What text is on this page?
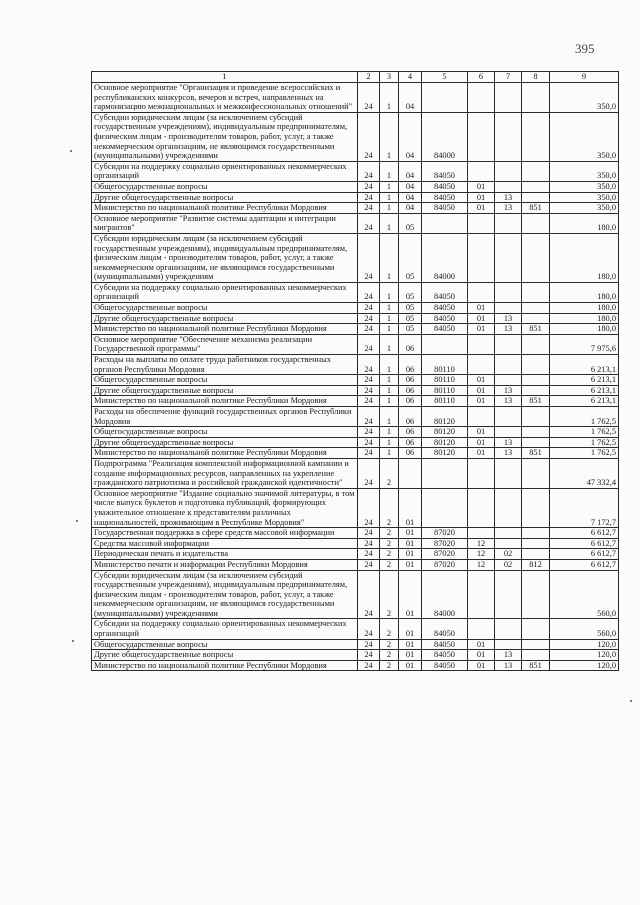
395
1	2	3	4	5	6	7	8	9
Основное мероприятие "Организация и проведение всероссийских и республиканских конкурсов, вечеров и встреч, направленных на гармонизацию межнациональных и межконфессиональных отношений"	24	1	04					350,0
Субсидии юридическим лицам (за исключением субсидий государственным учреждениям), индивидуальным предпринимателям, физическим лицам - производителям товаров, работ, услуг, а также некоммерческим организациям, не являющимся государственными (муниципальными) учреждениями	24	1	04	84000				350,0
Субсидии на поддержку социально ориентированных некоммерческих организаций	24	1	04	84050				350,0
Общегосударственные вопросы	24	1	04	84050	01			350,0
Другие общегосударственные вопросы	24	1	04	84050	01	13		350,0
Министерство по национальной политике Республики Мордовия	24	1	04	84050	01	13	851	350,0
Основное мероприятие "Развитие системы адаптации и интеграции мигрантов"	24	1	05					180,0
Субсидии юридическим лицам (за исключением субсидий государственным учреждениям), индивидуальным предпринимателям, физическим лицам - производителям товаров, работ, услуг, а также некоммерческим организациям, не являющимся государственными (муниципальными) учреждениям	24	1	05	84000				180,0
Субсидии на поддержку социально ориентированных некоммерческих организаций	24	1	05	84050				180,0
Общегосударственные вопросы	24	1	05	84050	01			180,0
Другие общегосударственные вопросы	24	1	05	84050	01	13		180,0
Министерство по национальной политике Республики Мордовия	24	1	05	84050	01	13	851	180,0
Основное мероприятие "Обеспечение механизма реализации Государственной программы"	24	1	06					7 975,6
Расходы на выплаты по оплате труда работников государственных органов Республики Мордовия	24	1	06	80110				6 213,1
Общегосударственные вопросы	24	1	06	80110	01			6 213,1
Другие общегосударственные вопросы	24	1	06	80110	01	13		6 213,1
Министерство по национальной политике Республики Мордовия	24	1	06	80110	01	13	851	6 213,1
Расходы на обеспечение функций государственных органов Республики Мордовия	24	1	06	80120				1 762,5
Общегосударственные вопросы	24	1	06	80120	01			1 762,5
Другие общегосударственные вопросы	24	1	06	80120	01	13		1 762,5
Министерство по национальной политике Республики Мордовия	24	1	06	80120	01	13	851	1 762,5
Подпрограмма "Реализация комплексной информационной кампании и создание информационных ресурсов, направленных на укрепление гражданского патриотизма и российской гражданской идентичности"	24	2						47 332,4
Основное мероприятие "Издание социально значимой литературы, в том числе выпуск буклетов и подготовка публикаций, формирующих уважительное отношение к представителям различных национальностей, проживающим в Республике Мордовия"	24	2	01					7 172,7
Государственная поддержка в сфере средств массовой информации	24	2	01	87020				6 612,7
Средства массовой информации	24	2	01	87020	12			6 612,7
Периодическая печать и издательства	24	2	01	87020	12	02		6 612,7
Министерство печати и информации Республики Мордовия	24	2	01	87020	12	02	812	6 612,7
Субсидии юридическим лицам (за исключением субсидий государственным учреждениям), индивидуальным предпринимателям, физическим лицам - производителям товаров, работ, услуг, а также некоммерческим организациям, не являющимся государственными (муниципальными) учреждениями	24	2	01	84000				560,0
Субсидии на поддержку социально ориентированных некоммерческих организаций	24	2	01	84050				560,0
Общегосударственные вопросы	24	2	01	84050	01			120,0
Другие общегосударственные вопросы	24	2	01	84050	01	13		120,0
Министерство по национальной политике Республики Мордовия	24	2	01	84050	01	13	851	120,0
